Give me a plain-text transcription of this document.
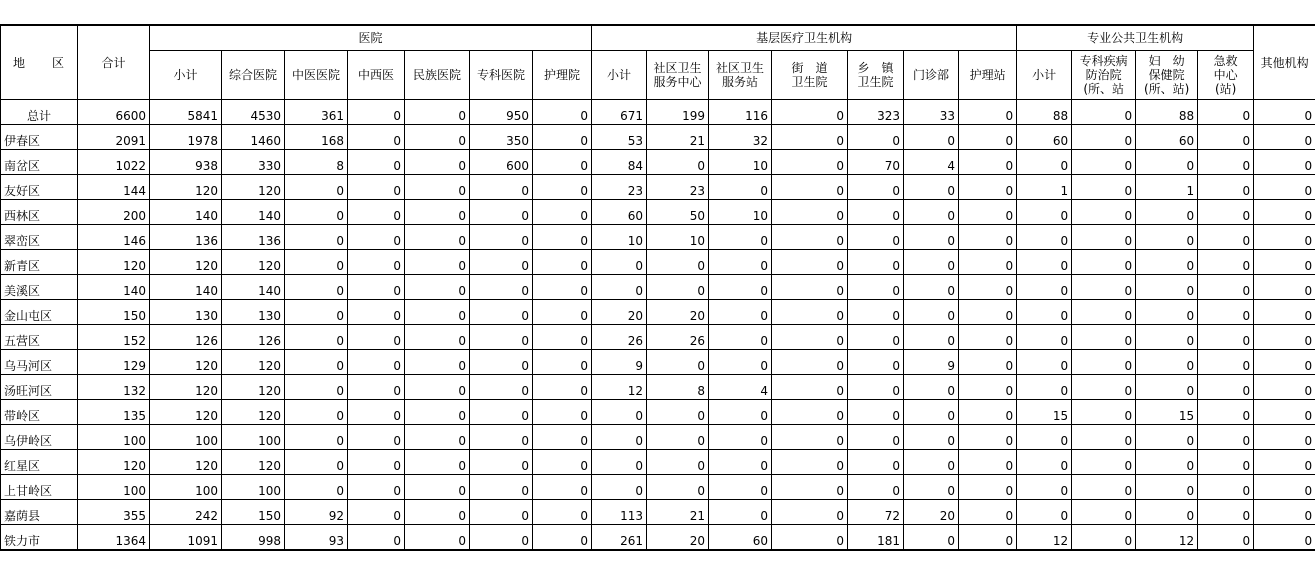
地　　区	合计	医院							基层医疗卫生机构							专业公共卫生机构				其他机构
		小计	综合医院	中医医院	中西医	民族医院	专科医院	护理院	小计	社区卫生
服务中心	社区卫生
服务站	街　道
卫生院	乡　镇
卫生院	门诊部	护理站	小计	专科疾病
防治院
(所、站	妇　幼
保健院
(所、站)	急救
中心
(站)	

总计	6600	5841	4530	361	0	0	950	0	671	199	116	0	323	33	0	88	0	88	0	0
伊春区	2091	1978	1460	168	0	0	350	0	53	21	32	0	0	0	0	60	0	60	0	0
南岔区	1022	938	330	8	0	0	600	0	84	0	10	0	70	4	0	0	0	0	0	0
友好区	144	120	120	0	0	0	0	0	23	23	0	0	0	0	0	1	0	1	0	0
西林区	200	140	140	0	0	0	0	0	60	50	10	0	0	0	0	0	0	0	0	0
翠峦区	146	136	136	0	0	0	0	0	10	10	0	0	0	0	0	0	0	0	0	0
新青区	120	120	120	0	0	0	0	0	0	0	0	0	0	0	0	0	0	0	0	0
美溪区	140	140	140	0	0	0	0	0	0	0	0	0	0	0	0	0	0	0	0	0
金山屯区	150	130	130	0	0	0	0	0	20	20	0	0	0	0	0	0	0	0	0	0
五营区	152	126	126	0	0	0	0	0	26	26	0	0	0	0	0	0	0	0	0	0
乌马河区	129	120	120	0	0	0	0	0	9	0	0	0	0	9	0	0	0	0	0	0
汤旺河区	132	120	120	0	0	0	0	0	12	8	4	0	0	0	0	0	0	0	0	0
带岭区	135	120	120	0	0	0	0	0	0	0	0	0	0	0	0	15	0	15	0	0
乌伊岭区	100	100	100	0	0	0	0	0	0	0	0	0	0	0	0	0	0	0	0	0
红星区	120	120	120	0	0	0	0	0	0	0	0	0	0	0	0	0	0	0	0	0
上甘岭区	100	100	100	0	0	0	0	0	0	0	0	0	0	0	0	0	0	0	0	0
嘉荫县	355	242	150	92	0	0	0	0	113	21	0	0	72	20	0	0	0	0	0	0
铁力市	1364	1091	998	93	0	0	0	0	261	20	60	0	181	0	0	12	0	12	0	0
